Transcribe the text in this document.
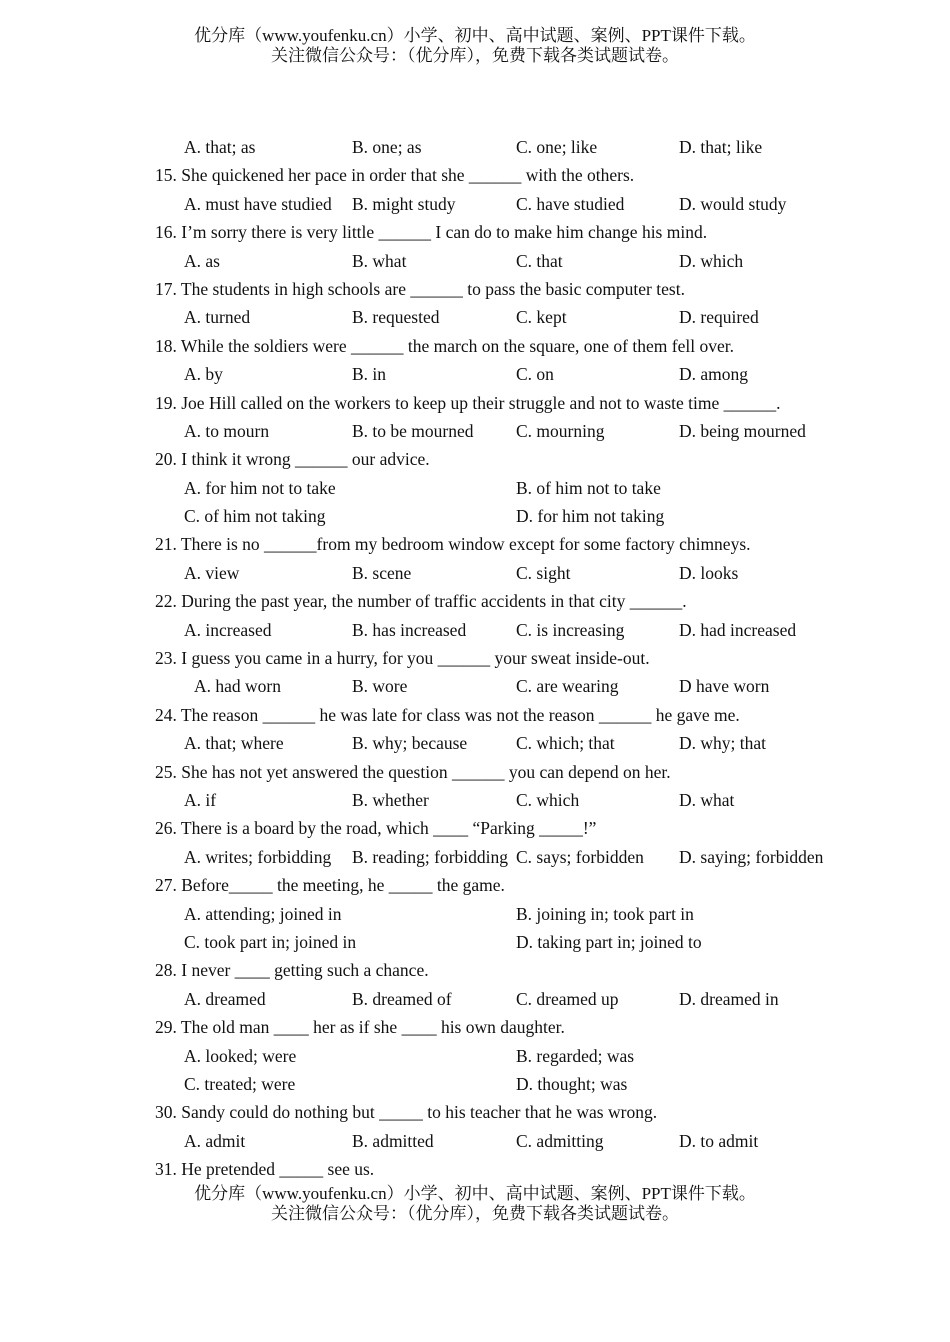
优分库（www.youfenku.cn）小学、初中、高中试题、案例、PPT课件下载。
关注微信公众号：（优分库），免费下载各类试题试卷。
A. that; as	B. one; as	C. one; like	D. that; like
15. She quickened her pace in order that she ______ with the others.
A. must have studied B. might study	C. have studied	D. would study
16. I’m sorry there is very little ______ I can do to make him change his mind.
A. as	B. what	C. that	D. which
17. The students in high schools are ______ to pass the basic computer test.
A. turned	B. requested	C. kept	D. required
18. While the soldiers were ______ the march on the square, one of them fell over.
A. by	B. in	C. on	D. among
19. Joe Hill called on the workers to keep up their struggle and not to waste time ______.
A. to mourn	B. to be mourned C. mourning	D. being mourned
20. I think it wrong ______ our advice.
A. for him not to take	B. of him not to take
C. of him not taking	D. for him not taking
21. There is no ______from my bedroom window except for some factory chimneys.
A. view	B. scene	C. sight	D. looks
22. During the past year, the number of traffic accidents in that city ______.
A. increased	B. has increased	C. is increasing	D. had increased
23. I guess you came in a hurry, for you ______ your sweat inside-out.
A. had worn	B. wore	C. are wearing	D have worn
24. The reason ______ he was late for class was not the reason ______ he gave me.
A. that; where	B. why; because	C. which; that	D. why; that
25. She has not yet answered the question ______ you can depend on her.
A. if	B. whether	C. which	D. what
26. There is a board by the road, which ____ “Parking _____!”
A. writes; forbidding B. reading; forbidding C. says; forbidden D. saying; forbidden
27. Before_____ the meeting, he _____ the game.
A. attending; joined in	B. joining in; took part in
C. took part in; joined in	D. taking part in; joined to
28. I never ____ getting such a chance.
A. dreamed	B. dreamed of	C. dreamed up	D. dreamed in
29. The old man ____ her as if she ____ his own daughter.
A. looked; were	B. regarded; was
C. treated; were	D. thought; was
30. Sandy could do nothing but _____ to his teacher that he was wrong.
A. admit	B. admitted	C. admitting	D. to admit
31. He pretended _____ see us.
优分库（www.youfenku.cn）小学、初中、高中试题、案例、PPT课件下载。
关注微信公众号：（优分库），免费下载各类试题试卷。
